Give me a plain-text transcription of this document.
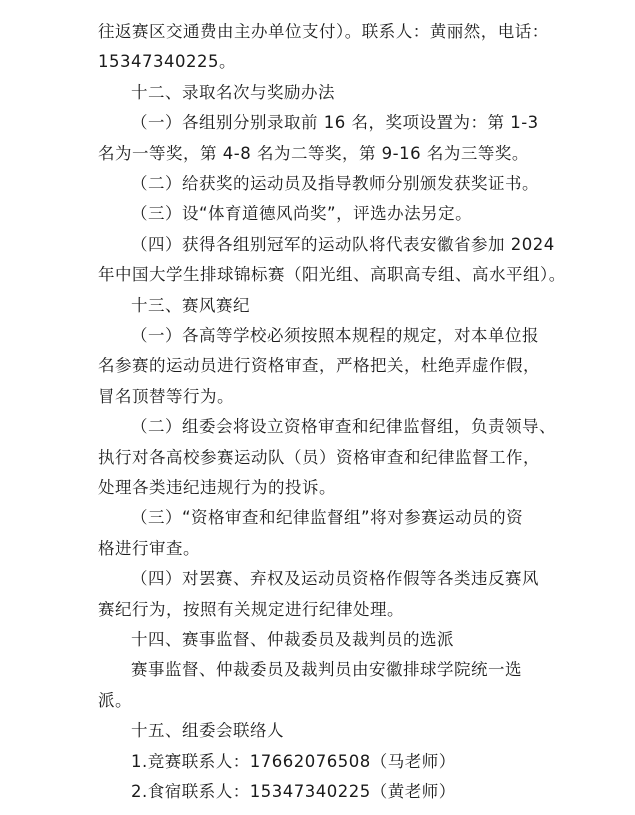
往返赛区交通费由主办单位支付）。联系人：黄丽然，电话：
15347340225。
十二、录取名次与奖励办法
（一）各组别分别录取前 16 名，奖项设置为：第 1-3
名为一等奖，第 4-8 名为二等奖，第 9-16 名为三等奖。
（二）给获奖的运动员及指导教师分别颁发获奖证书。
（三）设“体育道德风尚奖”，评选办法另定。
（四）获得各组别冠军的运动队将代表安徽省参加 2024
年中国大学生排球锦标赛（阳光组、高职高专组、高水平组）。
十三、赛风赛纪
（一）各高等学校必须按照本规程的规定，对本单位报
名参赛的运动员进行资格审查，严格把关，杜绝弄虚作假，
冒名顶替等行为。
（二）组委会将设立资格审查和纪律监督组，负责领导、
执行对各高校参赛运动队（员）资格审查和纪律监督工作，
处理各类违纪违规行为的投诉。
（三）“资格审查和纪律监督组”将对参赛运动员的资
格进行审查。
（四）对罢赛、弃权及运动员资格作假等各类违反赛风
赛纪行为，按照有关规定进行纪律处理。
十四、赛事监督、仲裁委员及裁判员的选派
赛事监督、仲裁委员及裁判员由安徽排球学院统一选
派。
十五、组委会联络人
1.竞赛联系人：17662076508（马老师）
2.食宿联系人：15347340225（黄老师）
